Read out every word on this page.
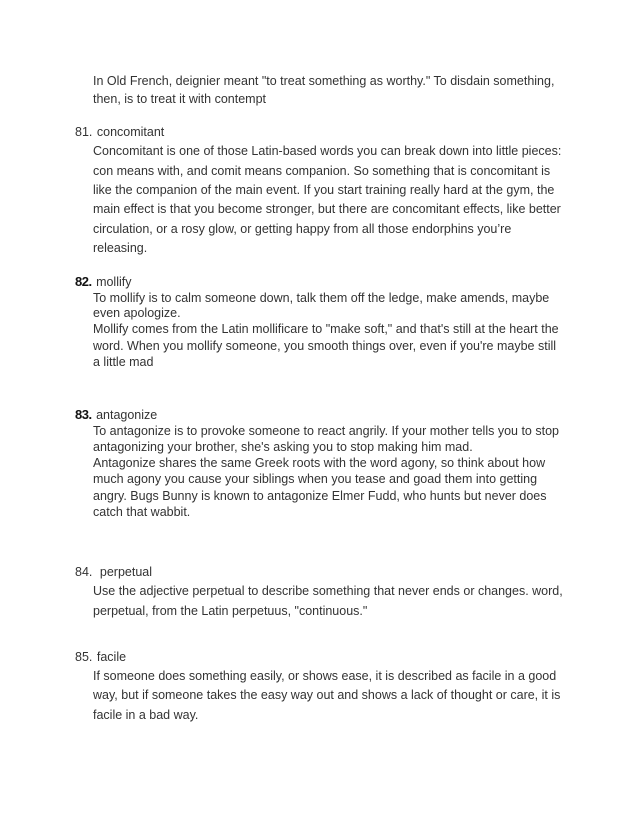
In Old French, deignier meant "to treat something as worthy." To disdain something,
then, is to treat it with contempt
81. concomitant
Concomitant is one of those Latin-based words you can break down into little pieces:
con means with, and comit means companion. So something that is concomitant is
like the companion of the main event. If you start training really hard at the gym, the
main effect is that you become stronger, but there are concomitant effects, like better
circulation, or a rosy glow, or getting happy from all those endorphins you’re
releasing.
82. mollify
To mollify is to calm someone down, talk them off the ledge, make amends, maybe
even apologize.
Mollify comes from the Latin mollificare to "make soft," and that's still at the heart the
word. When you mollify someone, you smooth things over, even if you're maybe still
a little mad
83. antagonize
To antagonize is to provoke someone to react angrily. If your mother tells you to stop
antagonizing your brother, she's asking you to stop making him mad.
Antagonize shares the same Greek roots with the word agony, so think about how
much agony you cause your siblings when you tease and goad them into getting
angry. Bugs Bunny is known to antagonize Elmer Fudd, who hunts but never does
catch that wabbit.
84. perpetual
Use the adjective perpetual to describe something that never ends or changes. word,
perpetual, from the Latin perpetuus, "continuous."
85. facile
If someone does something easily, or shows ease, it is described as facile in a good
way, but if someone takes the easy way out and shows a lack of thought or care, it is
facile in a bad way.
